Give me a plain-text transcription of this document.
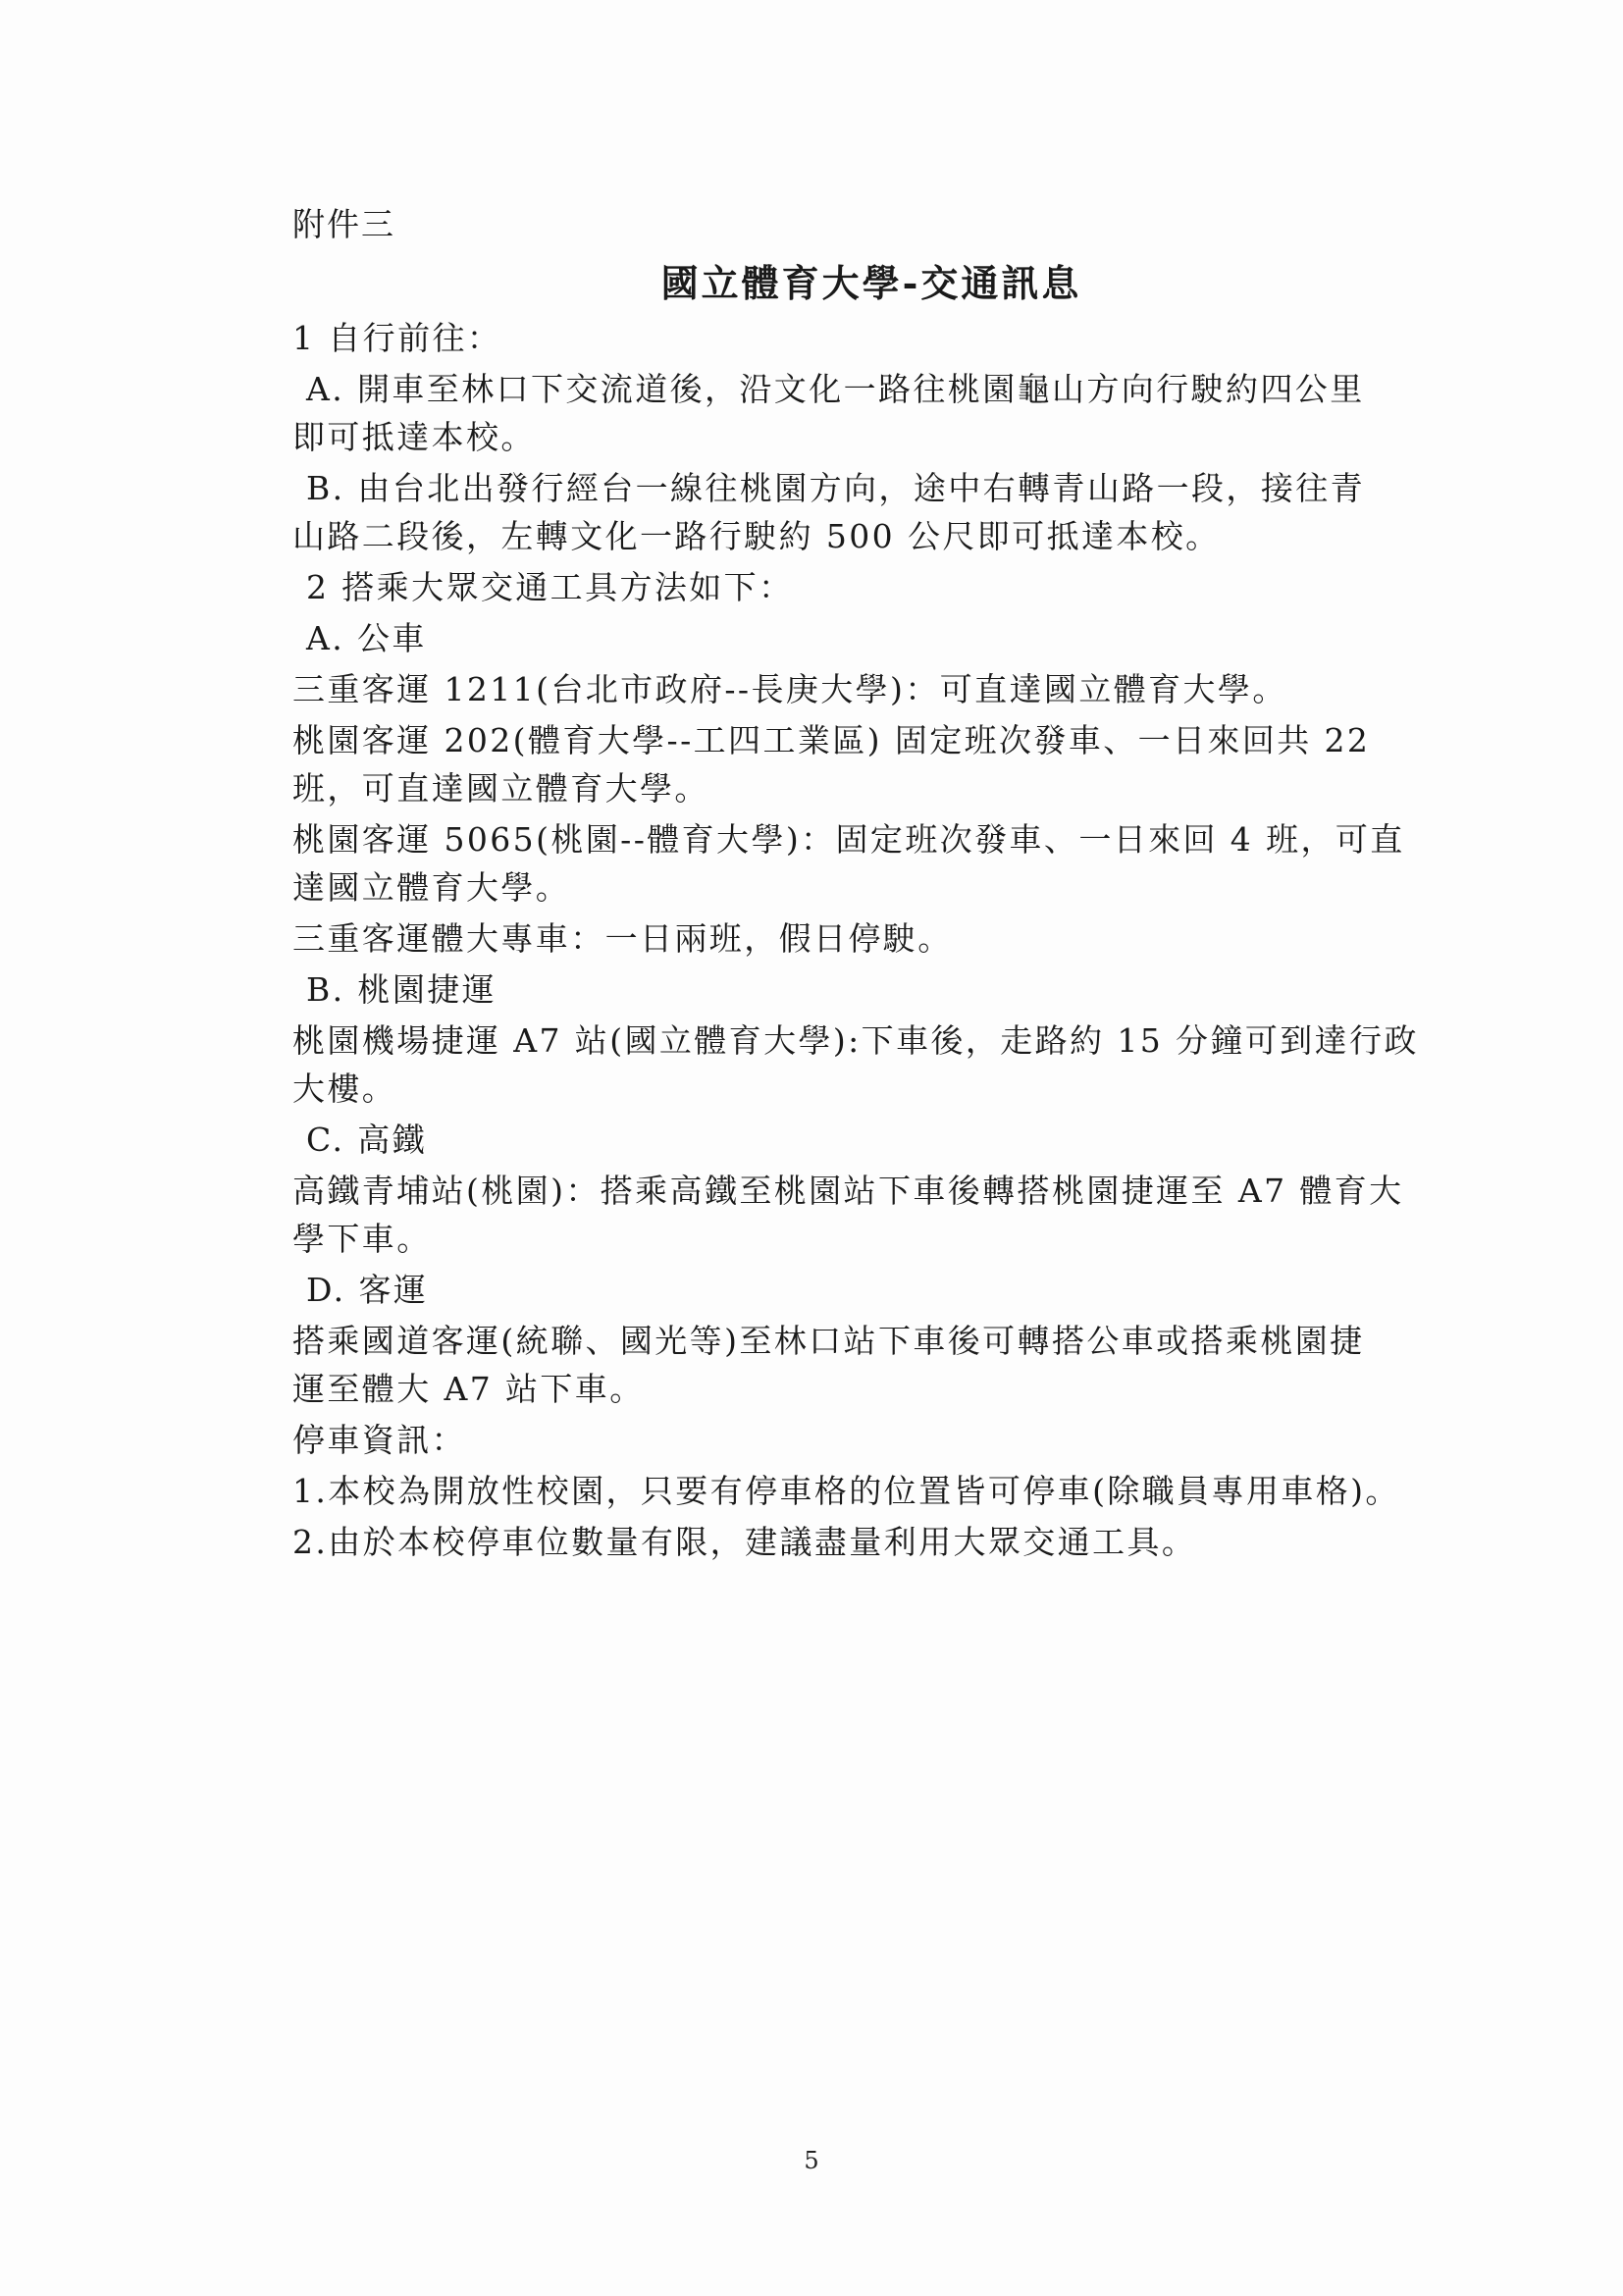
附件三
國立體育大學-交通訊息
1 自行前往：
A. 開車至林口下交流道後，沿文化一路往桃園龜山方向行駛約四公里
即可抵達本校。
B. 由台北出發行經台一線往桃園方向，途中右轉青山路一段，接往青
山路二段後，左轉文化一路行駛約 500 公尺即可抵達本校。
2 搭乘大眾交通工具方法如下：
A. 公車
三重客運 1211(台北市政府--長庚大學)：可直達國立體育大學。
桃園客運 202(體育大學--工四工業區) 固定班次發車、一日來回共 22
班，可直達國立體育大學。
桃園客運 5065(桃園--體育大學)：固定班次發車、一日來回 4 班，可直
達國立體育大學。
三重客運體大專車：一日兩班，假日停駛。
B. 桃園捷運
桃園機場捷運 A7 站(國立體育大學):下車後，走路約 15 分鐘可到達行政
大樓。
C. 高鐵
高鐵青埔站(桃園)：搭乘高鐵至桃園站下車後轉搭桃園捷運至 A7 體育大
學下車。
D. 客運
搭乘國道客運(統聯、國光等)至林口站下車後可轉搭公車或搭乘桃園捷
運至體大 A7 站下車。
停車資訊：
1.本校為開放性校園，只要有停車格的位置皆可停車(除職員專用車格)。
2.由於本校停車位數量有限，建議盡量利用大眾交通工具。
5
